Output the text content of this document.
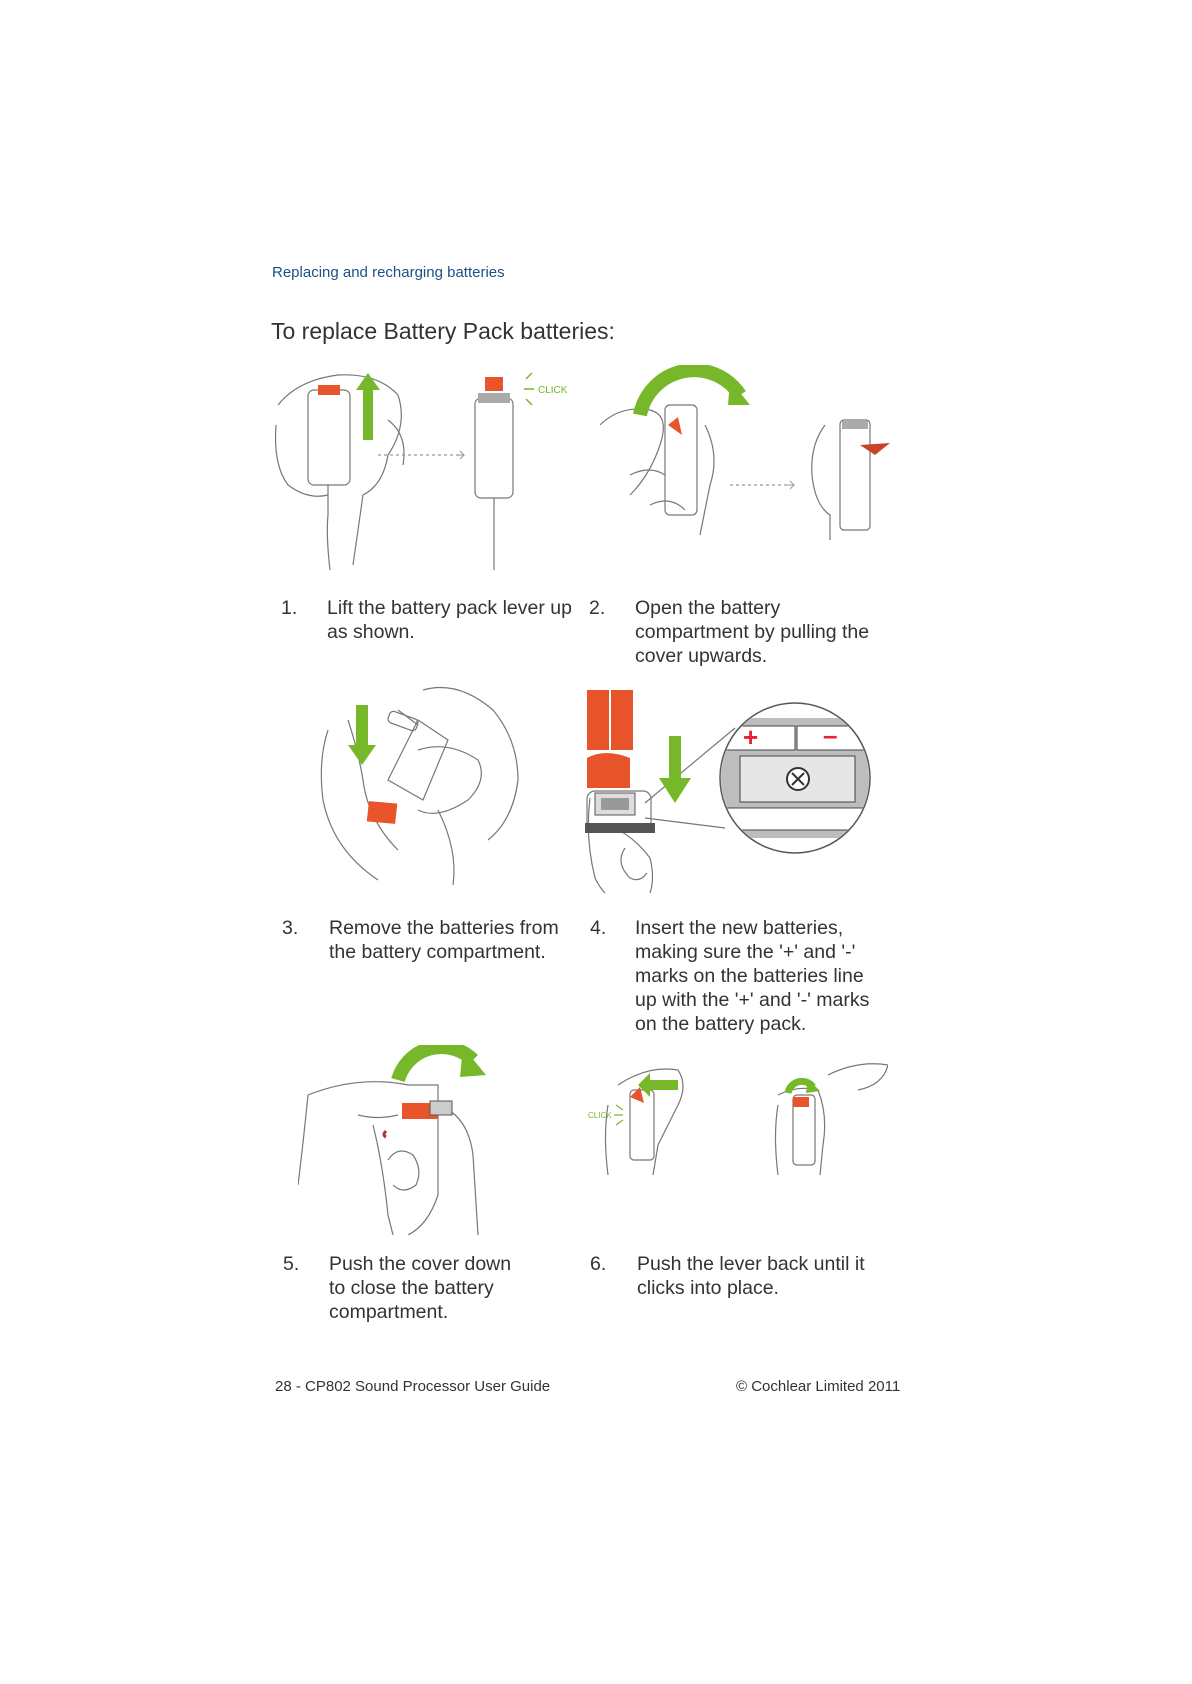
Replacing and recharging batteries
To replace Battery Pack batteries:
CLICK
1. Lift the battery pack lever up
as shown.
2. Open the battery
compartment by pulling the
cover upwards.
+ –
3. Remove the batteries from
the battery compartment.
4. Insert the new batteries,
making sure the '+' and '-'
marks on the batteries line
up with the '+' and '-' marks
on the battery pack.
CLICK
5. Push the cover down
to close the battery
compartment.
6. Push the lever back until it
clicks into place.
28 - CP802 Sound Processor User Guide	© Cochlear Limited 2011
